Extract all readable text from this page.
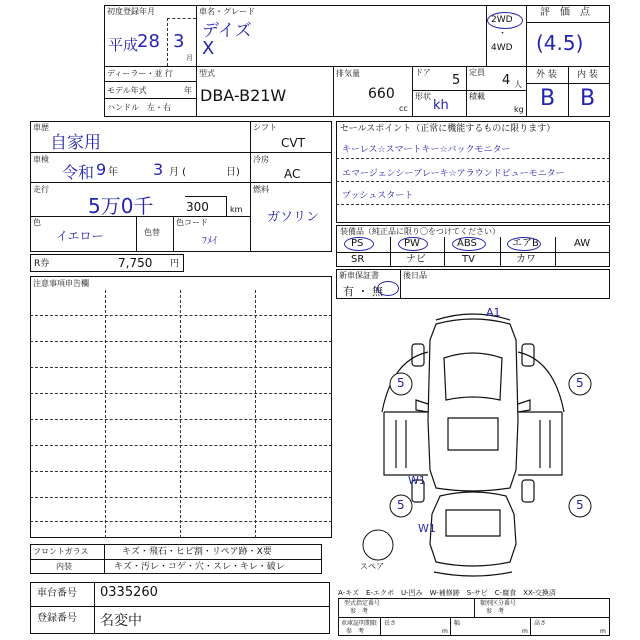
初度登録年月
平成
28 3
月
車名・グレード
デイズ
X
2WD
・
4WD
評　価　点
(4.5)
外 装 内 装
B B
ディーラー・並 行
モデル年式	年
ハンドル　左・右
型式
DBA-B21W
排気量
660
cc
ドア
5
定員
4 人
形状
kh
積載
kg
車歴
自家用
車検
令和 9 年 3 月 (	日)
走行
5万0千	300	km
色
イエロー	色替
色コード
ﾌﾒｲ
シフト
CVT
冷房
AC
燃料
ガソリン
R券	7,750 円
注意事項申告欄
セールスポイント（正常に機能するものに限ります）
キーレス☆スマートキー☆バックモニター
エマージェンシーブレーキ☆アラウンドビューモニター
プッシュスタート
装備品（純正品に限り〇をつけてください）
PS	PW	ABS	エアB	AW
SR	ナビ	TV	カワ
新車保証書
有 ・ 無
後日品
A1
5	5
W1
5	5
W1
スペア
フロントガラス	キズ・飛石・ヒビ割・リペア跡・X要
内装	キズ・汚レ・コゲ・穴・スレ・キレ・破レ
車台番号 0335260
登録番号 名変中
A-キズ　E-エクボ　U-凹み　W-補修跡　S-サビ　C-腐食　XX-交換済
型式指定番号
参　考
類別区分番号
参　考
車庫証明期限
参　考
長さ
m
幅
m
高さ
m
